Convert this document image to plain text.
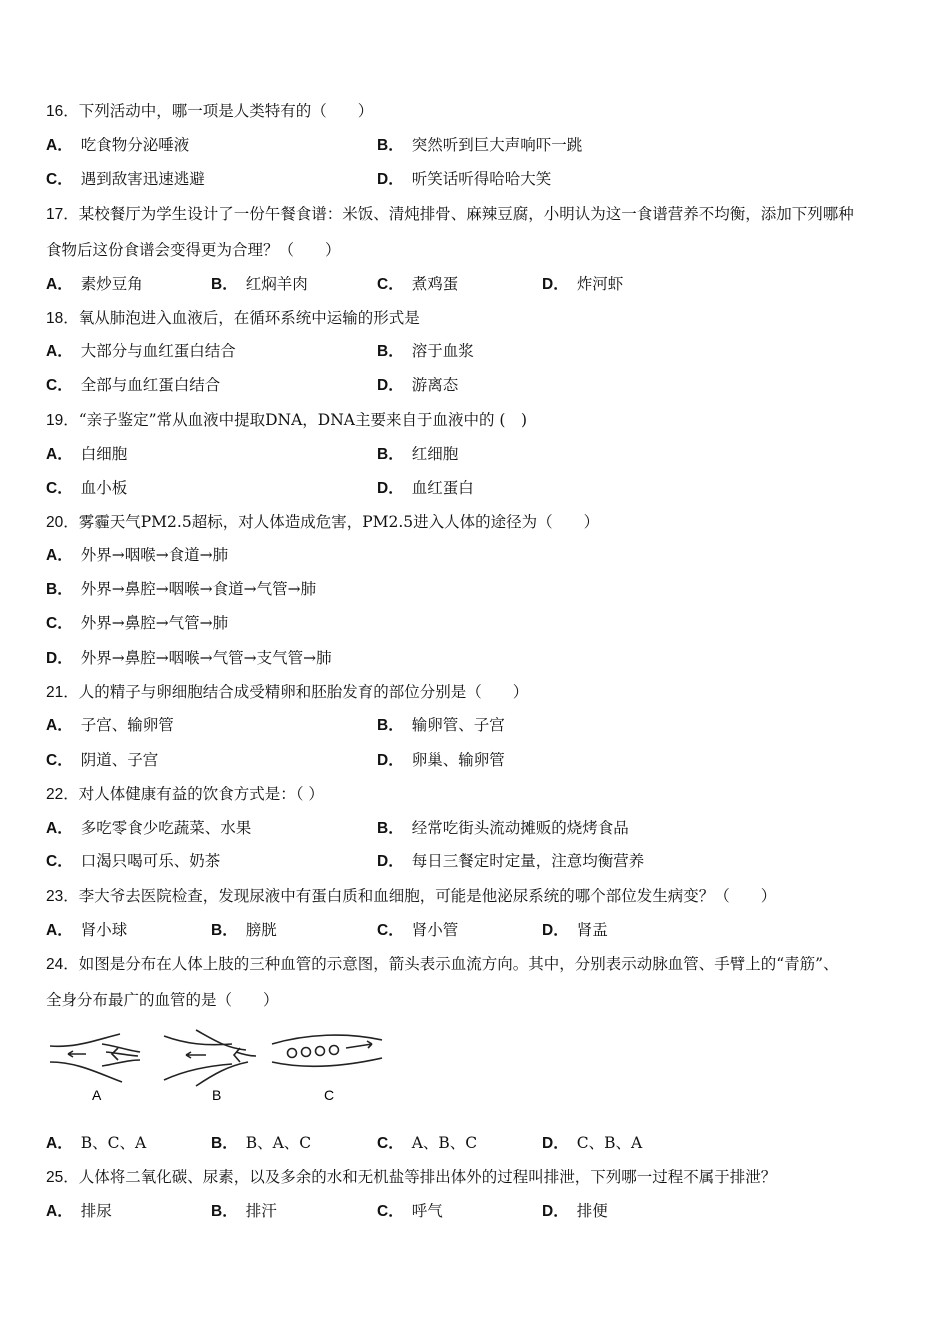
16．下列活动中，哪一项是人类特有的（　　）
A． 吃食物分泌唾液	B． 突然听到巨大声响吓一跳
C． 遇到敌害迅速逃避	D． 听笑话听得哈哈大笑
17．某校餐厅为学生设计了一份午餐食谱：米饭、清炖排骨、麻辣豆腐，小明认为这一食谱营养不均衡，添加下列哪种
食物后这份食谱会变得更为合理？（　　）
A． 素炒豆角	B． 红焖羊肉	C． 煮鸡蛋	D． 炸河虾
18．氧从肺泡进入血液后，在循环系统中运输的形式是
A． 大部分与血红蛋白结合	B． 溶于血浆
C． 全部与血红蛋白结合	D． 游离态
19．“亲子鉴定”常从血液中提取DNA，DNA主要来自于血液中的 (　)
A． 白细胞	B． 红细胞
C． 血小板	D． 血红蛋白
20．雾霾天气PM2.5超标，对人体造成危害，PM2.5进入人体的途径为（　　）
A． 外界→咽喉→食道→肺
B． 外界→鼻腔→咽喉→食道→气管→肺
C． 外界→鼻腔→气管→肺
D． 外界→鼻腔→咽喉→气管→支气管→肺
21．人的精子与卵细胞结合成受精卵和胚胎发育的部位分别是（　　）
A． 子宫、输卵管	B． 输卵管、子宫
C． 阴道、子宫	D． 卵巢、输卵管
22．对人体健康有益的饮食方式是：（ ）
A． 多吃零食少吃蔬菜、水果	B． 经常吃街头流动摊贩的烧烤食品
C． 口渴只喝可乐、奶茶	D． 每日三餐定时定量，注意均衡营养
23．李大爷去医院检查，发现尿液中有蛋白质和血细胞，可能是他泌尿系统的哪个部位发生病变？（　　）
A． 肾小球	B． 膀胱	C． 肾小管	D． 肾盂
24．如图是分布在人体上肢的三种血管的示意图，箭头表示血流方向。其中，分别表示动脉血管、手臂上的“青筋”、
全身分布最广的血管的是（　　）
A	B	C
A． B、C、A	B． B、A、C	C． A、B、C	D． C、B、A
25．人体将二氧化碳、尿素，以及多余的水和无机盐等排出体外的过程叫排泄，下列哪一过程不属于排泄？
A． 排尿	B． 排汗	C． 呼气	D． 排便
